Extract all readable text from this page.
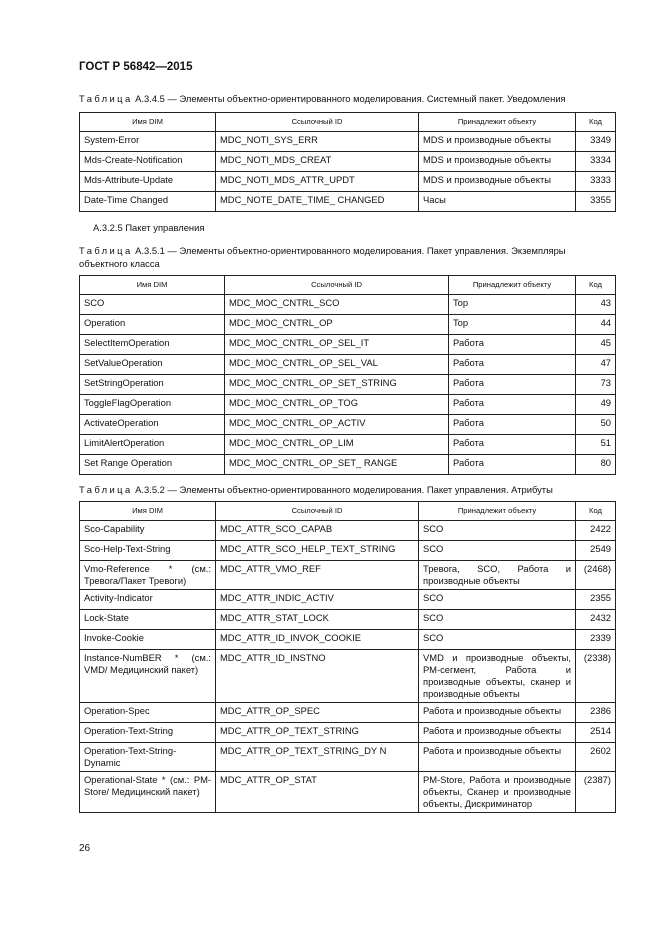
ГОСТ Р 56842—2015
Таблица А.3.4.5 — Элементы объектно-ориентированного моделирования. Системный пакет. Уведомления
Имя DIM	Ссылочный ID	Принадлежит объекту	Код
System-Error	MDC_NOTI_SYS_ERR	MDS и производные объекты	3349
Mds-Create-Notification	MDC_NOTI_MDS_CREAT	MDS и производные объекты	3334
Mds-Attribute-Update	MDC_NOTI_MDS_ATTR_UPDT	MDS и производные объекты	3333
Date-Time Changed	MDC_NOTE_DATE_TIME_ CHANGED	Часы	3355
А.3.2.5 Пакет управления
Таблица А.3.5.1 — Элементы объектно-ориентированного моделирования. Пакет управления. Экземпляры объектного класса
Имя DIM	Ссылочный ID	Принадлежит объекту	Код
SCO	MDC_MOC_CNTRL_SCO	Top	43
Operation	MDC_MOC_CNTRL_OP	Top	44
SelectItemOperation	MDC_MOC_CNTRL_OP_SEL_IT	Работа	45
SetValueOperation	MDC_MOC_CNTRL_OP_SEL_VAL	Работа	47
SetStringOperation	MDC_MOC_CNTRL_OP_SET_STRING	Работа	73
ToggleFlagOperation	MDC_MOC_CNTRL_OP_TOG	Работа	49
ActivateOperation	MDC_MOC_CNTRL_OP_ACTIV	Работа	50
LimitAlertOperation	MDC_MOC_CNTRL_OP_LIM	Работа	51
Set Range Operation	MDC_MOC_CNTRL_OP_SET_ RANGE	Работа	80
Таблица А.3.5.2 — Элементы объектно-ориентированного моделирования. Пакет управления. Атрибуты
Имя DIM	Ссылочный ID	Принадлежит объекту	Код
Sco-Capability	MDC_ATTR_SCO_CAPAB	SCO	2422
Sco-Help-Text-String	MDC_ATTR_SCO_HELP_TEXT_STRING	SCO	2549
Vmo-Reference * (см.: Тревога/Пакет Тревоги)	MDC_ATTR_VMO_REF	Тревога, SCO, Работа и производные объекты	(2468)
Activity-Indicator	MDC_ATTR_INDIC_ACTIV	SCO	2355
Lock-State	MDC_ATTR_STAT_LOCK	SCO	2432
Invoke-Cookie	MDC_ATTR_ID_INVOK_COOKIE	SCO	2339
Instance-NumBER * (см.: VMD/ Медицинский пакет)	MDC_ATTR_ID_INSTNO	VMD и производные объекты, РМ-сегмент, Работа и производные объекты, сканер и производные объекты	(2338)
Operation-Spec	MDC_ATTR_OP_SPEC	Работа и производные объекты	2386
Operation-Text-String	MDC_ATTR_OP_TEXT_STRING	Работа и производные объекты	2514
Operation-Text-String-Dynamic	MDC_ATTR_OP_TEXT_STRING_DY N	Работа и производные объекты	2602
Operational-State * (см.: PM-Store/ Медицинский пакет)	MDC_ATTR_OP_STAT	PM-Store, Работа и производные объекты, Сканер и производные объекты, Дискриминатор	(2387)
26
